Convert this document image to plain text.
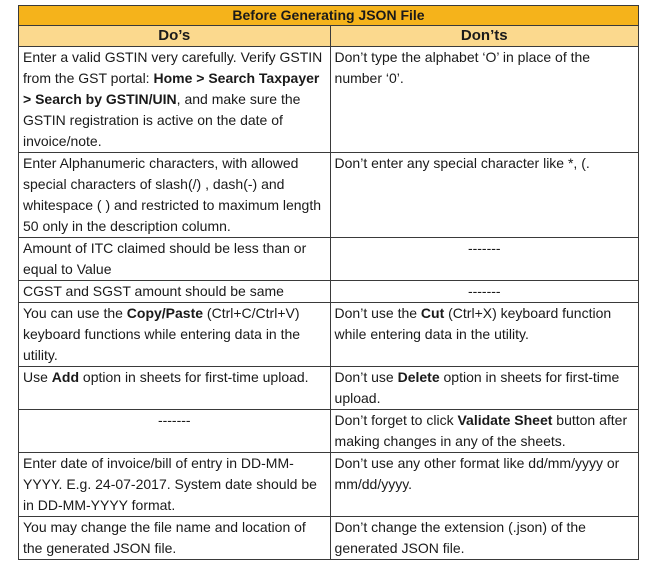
Before Generating JSON File	
Do’s	Don’ts
Enter a valid GSTIN very carefully. Verify GSTIN from the GST portal: Home > Search Taxpayer > Search by GSTIN/UIN, and make sure the GSTIN registration is active on the date of invoice/note.	Don’t type the alphabet ‘O’ in place of the number ‘0’.
Enter Alphanumeric characters, with allowed special characters of slash(/) , dash(-) and whitespace ( ) and restricted to maximum length 50 only in the description column.	Don’t enter any special character like *, (.
Amount of ITC claimed should be less than or equal to Value	-------
CGST and SGST amount should be same	-------
You can use the Copy/Paste (Ctrl+C/Ctrl+V) keyboard functions while entering data in the utility.	Don’t use the Cut (Ctrl+X) keyboard function while entering data in the utility.
Use Add option in sheets for first-time upload.	Don’t use Delete option in sheets for first-time upload.
-------	Don’t forget to click Validate Sheet button after making changes in any of the sheets.
Enter date of invoice/bill of entry in DD-MM-YYYY. E.g. 24-07-2017. System date should be in DD-MM-YYYY format.	Don’t use any other format like dd/mm/yyyy or mm/dd/yyyy.
You may change the file name and location of the generated JSON file.	Don’t change the extension (.json) of the generated JSON file.
